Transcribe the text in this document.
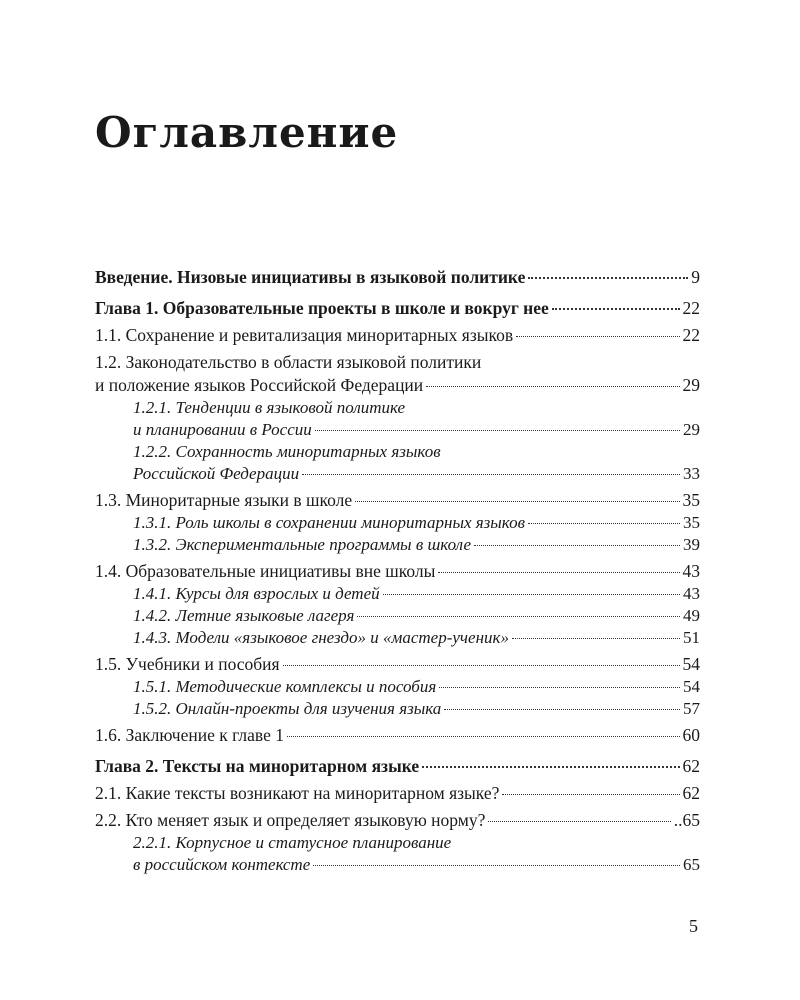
Оглавление
Введение. Низовые инициативы в языковой политике	9
Глава 1. Образовательные проекты в школе и вокруг нее	22
1.1. Сохранение и ревитализация миноритарных языков	22
1.2. Законодательство в области языковой политики
и положение языков Российской Федерации	29
1.2.1. Тенденции в языковой политике
и планировании в России	29
1.2.2. Сохранность миноритарных языков
Российской Федерации	33
1.3. Миноритарные языки в школе	35
1.3.1. Роль школы в сохранении миноритарных языков	35
1.3.2. Экспериментальные программы в школе	39
1.4. Образовательные инициативы вне школы	43
1.4.1. Курсы для взрослых и детей	43
1.4.2. Летние языковые лагеря	49
1.4.3. Модели «языковое гнездо» и «мастер-ученик»	51
1.5. Учебники и пособия	54
1.5.1. Методические комплексы и пособия	54
1.5.2. Онлайн-проекты для изучения языка	57
1.6. Заключение к главе 1	60
Глава 2. Тексты на миноритарном языке	62
2.1. Какие тексты возникают на миноритарном языке?	62
2.2. Кто меняет язык и определяет языковую норму?	..65
2.2.1. Корпусное и статусное планирование
в российском контексте	65
5
